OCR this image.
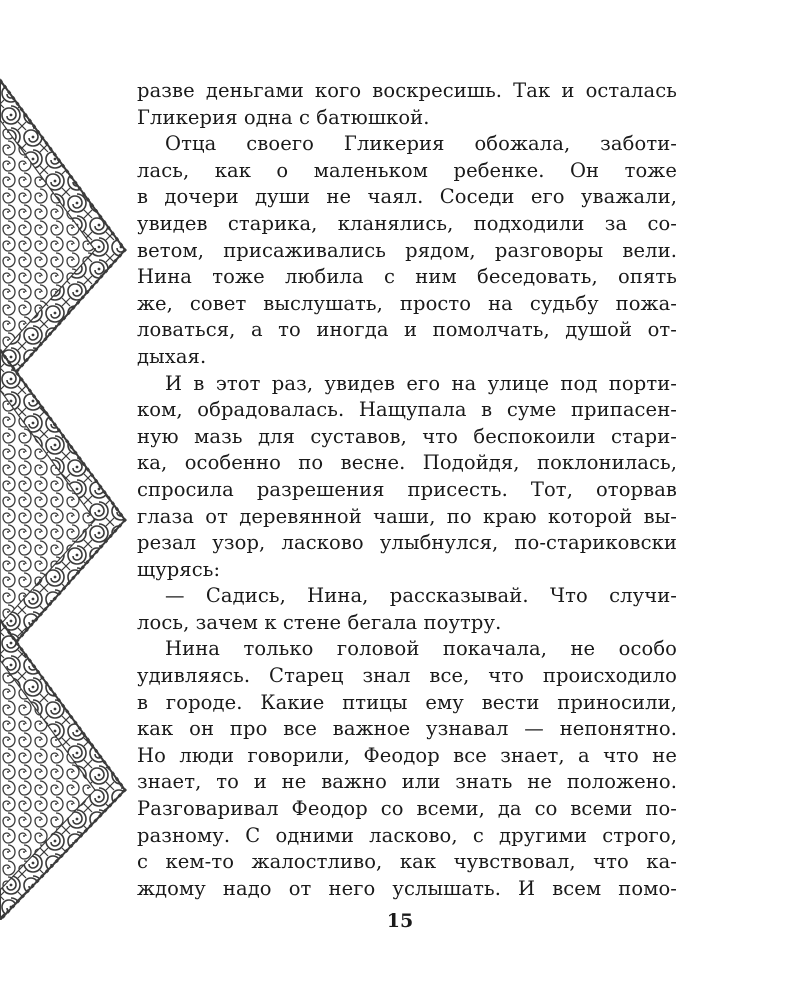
разве деньгами кого воскресишь. Так и осталась
Гликерия одна с батюшкой.
Отца своего Гликерия обожала, заботи-
лась, как о маленьком ребенке. Он тоже
в дочери души не чаял. Соседи его уважали,
увидев старика, кланялись, подходили за со-
ветом, присаживались рядом, разговоры вели.
Нина тоже любила с ним беседовать, опять
же, совет выслушать, просто на судьбу пожа-
ловаться, а то иногда и помолчать, душой от-
дыхая.
И в этот раз, увидев его на улице под порти-
ком, обрадовалась. Нащупала в суме припасен-
ную мазь для суставов, что беспокоили стари-
ка, особенно по весне. Подойдя, поклонилась,
спросила разрешения присесть. Тот, оторвав
глаза от деревянной чаши, по краю которой вы-
резал узор, ласково улыбнулся, по-стариковски
щурясь:
— Садись, Нина, рассказывай. Что случи-
лось, зачем к стене бегала поутру.
Нина только головой покачала, не особо
удивляясь. Старец знал все, что происходило
в городе. Какие птицы ему вести приносили,
как он про все важное узнавал — непонятно.
Но люди говорили, Феодор все знает, а что не
знает, то и не важно или знать не положено.
Разговаривал Феодор со всеми, да со всеми по-
разному. С одними ласково, с другими строго,
с кем-то жалостливо, как чувствовал, что ка-
ждому надо от него услышать. И всем помо-
15
